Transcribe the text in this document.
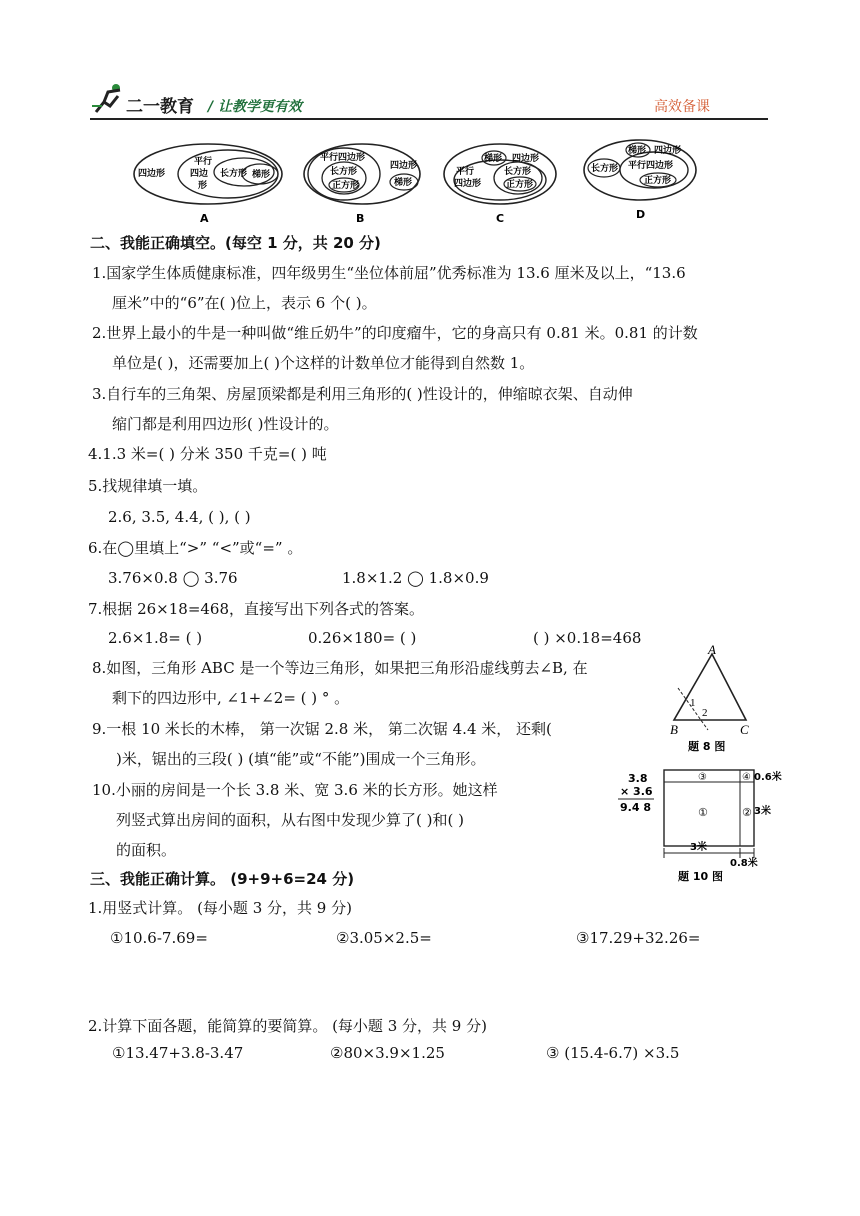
二一教育 / 让教学更有效	高效备课
四边形
平行
四边
形
长方形 梯形
A
平行四边形
长方形
正方形
四边形
梯形
B
梯形 四边形
平行
四边形
长方形
正方形
C
梯形 四边形
长方形 平行四边形
正方形
D
二、我能正确填空。(每空 1 分，共 20 分)
1.国家学生体质健康标准，四年级男生“坐位体前屈”优秀标准为 13.6 厘米及以上，“13.6
厘米”中的“6”在( )位上，表示 6 个( )。
2.世界上最小的牛是一种叫做“维丘奶牛”的印度瘤牛，它的身高只有 0.81 米。0.81 的计数
单位是( )，还需要加上( )个这样的计数单位才能得到自然数 1。
3.自行车的三角架、房屋顶梁都是利用三角形的( )性设计的，伸缩晾衣架、自动伸
缩门都是利用四边形( )性设计的。
4.1.3 米=( ) 分米 350 千克=( ) 吨
5.找规律填一填。
2.6, 3.5, 4.4, ( ), ( )
6.在◯里填上“>” “<”或“=” 。
3.76×0.8 ◯ 3.76	1.8×1.2 ◯ 1.8×0.9
7.根据 26×18=468，直接写出下列各式的答案。
2.6×1.8= ( )	0.26×180= ( )	( ) ×0.18=468
8.如图，三角形 ABC 是一个等边三角形，如果把三角形沿虚线剪去∠B, 在
剩下的四边形中, ∠1+∠2= ( ) ° 。
9.一根 10 米长的木棒， 第一次锯 2.8 米， 第二次锯 4.4 米， 还剩(
)米，锯出的三段( ) (填“能”或“不能”)围成一个三角形。
10.小丽的房间是一个长 3.8 米、宽 3.6 米的长方形。她这样
列竖式算出房间的面积，从右图中发现少算了( )和( )
的面积。
A
B	C
1
2
题 8 图
3.8
× 3.6
9.4 8
③	④
①	②
0.6米
3米
3米
0.8米
题 10 图
三、我能正确计算。 (9+9+6=24 分)
1.用竖式计算。 (每小题 3 分，共 9 分)
①10.6-7.69=	②3.05×2.5=	③17.29+32.26=
2.计算下面各题，能简算的要简算。 (每小题 3 分，共 9 分)
①13.47+3.8-3.47	②80×3.9×1.25	③ (15.4-6.7) ×3.5
